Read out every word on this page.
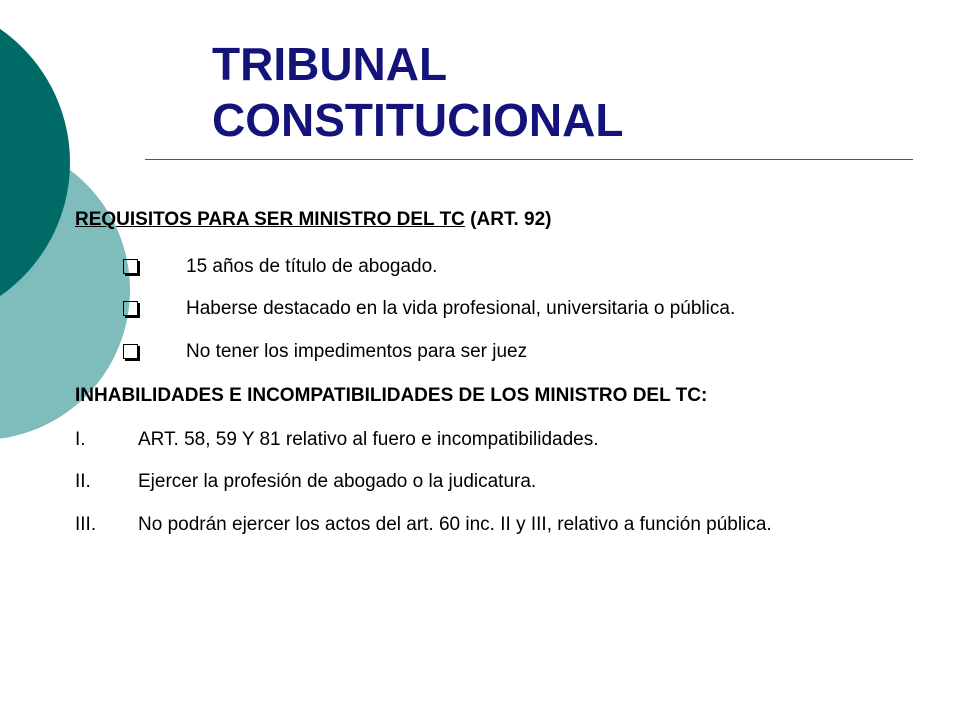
TRIBUNAL
CONSTITUCIONAL
REQUISITOS PARA SER MINISTRO DEL TC (ART. 92)
15 años de título de abogado.
Haberse destacado en la vida profesional, universitaria o pública.
No tener los impedimentos para ser juez
INHABILIDADES E INCOMPATIBILIDADES DE LOS MINISTRO DEL TC:
I.	ART. 58, 59 Y 81 relativo al fuero e incompatibilidades.
II. Ejercer la profesión de abogado o la judicatura.
III. No podrán ejercer los actos del art. 60 inc. II y III, relativo a función pública.
